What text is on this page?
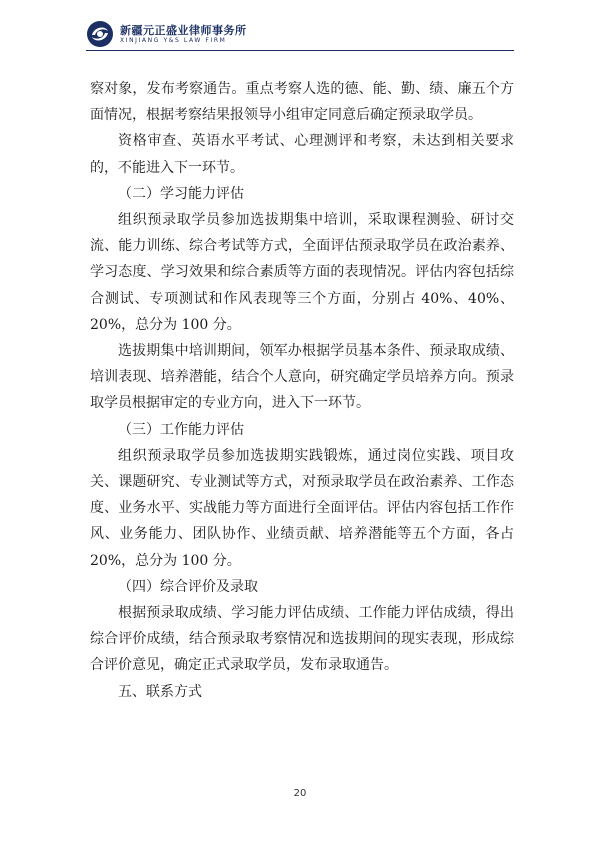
新疆元正盛业律师事务所
XINJIANG Y&S LAW FIRM

察对象，发布考察通告。重点考察人选的德、能、勤、绩、廉五个方面情况，根据考察结果报领导小组审定同意后确定预录取学员。

资格审查、英语水平考试、心理测评和考察，未达到相关要求的，不能进入下一环节。

（二）学习能力评估

组织预录取学员参加选拔期集中培训，采取课程测验、研讨交流、能力训练、综合考试等方式，全面评估预录取学员在政治素养、学习态度、学习效果和综合素质等方面的表现情况。评估内容包括综合测试、专项测试和作风表现等三个方面，分别占 40%、40%、20%，总分为 100 分。

选拔期集中培训期间，领军办根据学员基本条件、预录取成绩、培训表现、培养潜能，结合个人意向，研究确定学员培养方向。预录取学员根据审定的专业方向，进入下一环节。

（三）工作能力评估

组织预录取学员参加选拔期实践锻炼，通过岗位实践、项目攻关、课题研究、专业测试等方式，对预录取学员在政治素养、工作态度、业务水平、实战能力等方面进行全面评估。评估内容包括工作作风、业务能力、团队协作、业绩贡献、培养潜能等五个方面，各占 20%，总分为 100 分。

（四）综合评价及录取

根据预录取成绩、学习能力评估成绩、工作能力评估成绩，得出综合评价成绩，结合预录取考察情况和选拔期间的现实表现，形成综合评价意见，确定正式录取学员，发布录取通告。

五、联系方式

20
